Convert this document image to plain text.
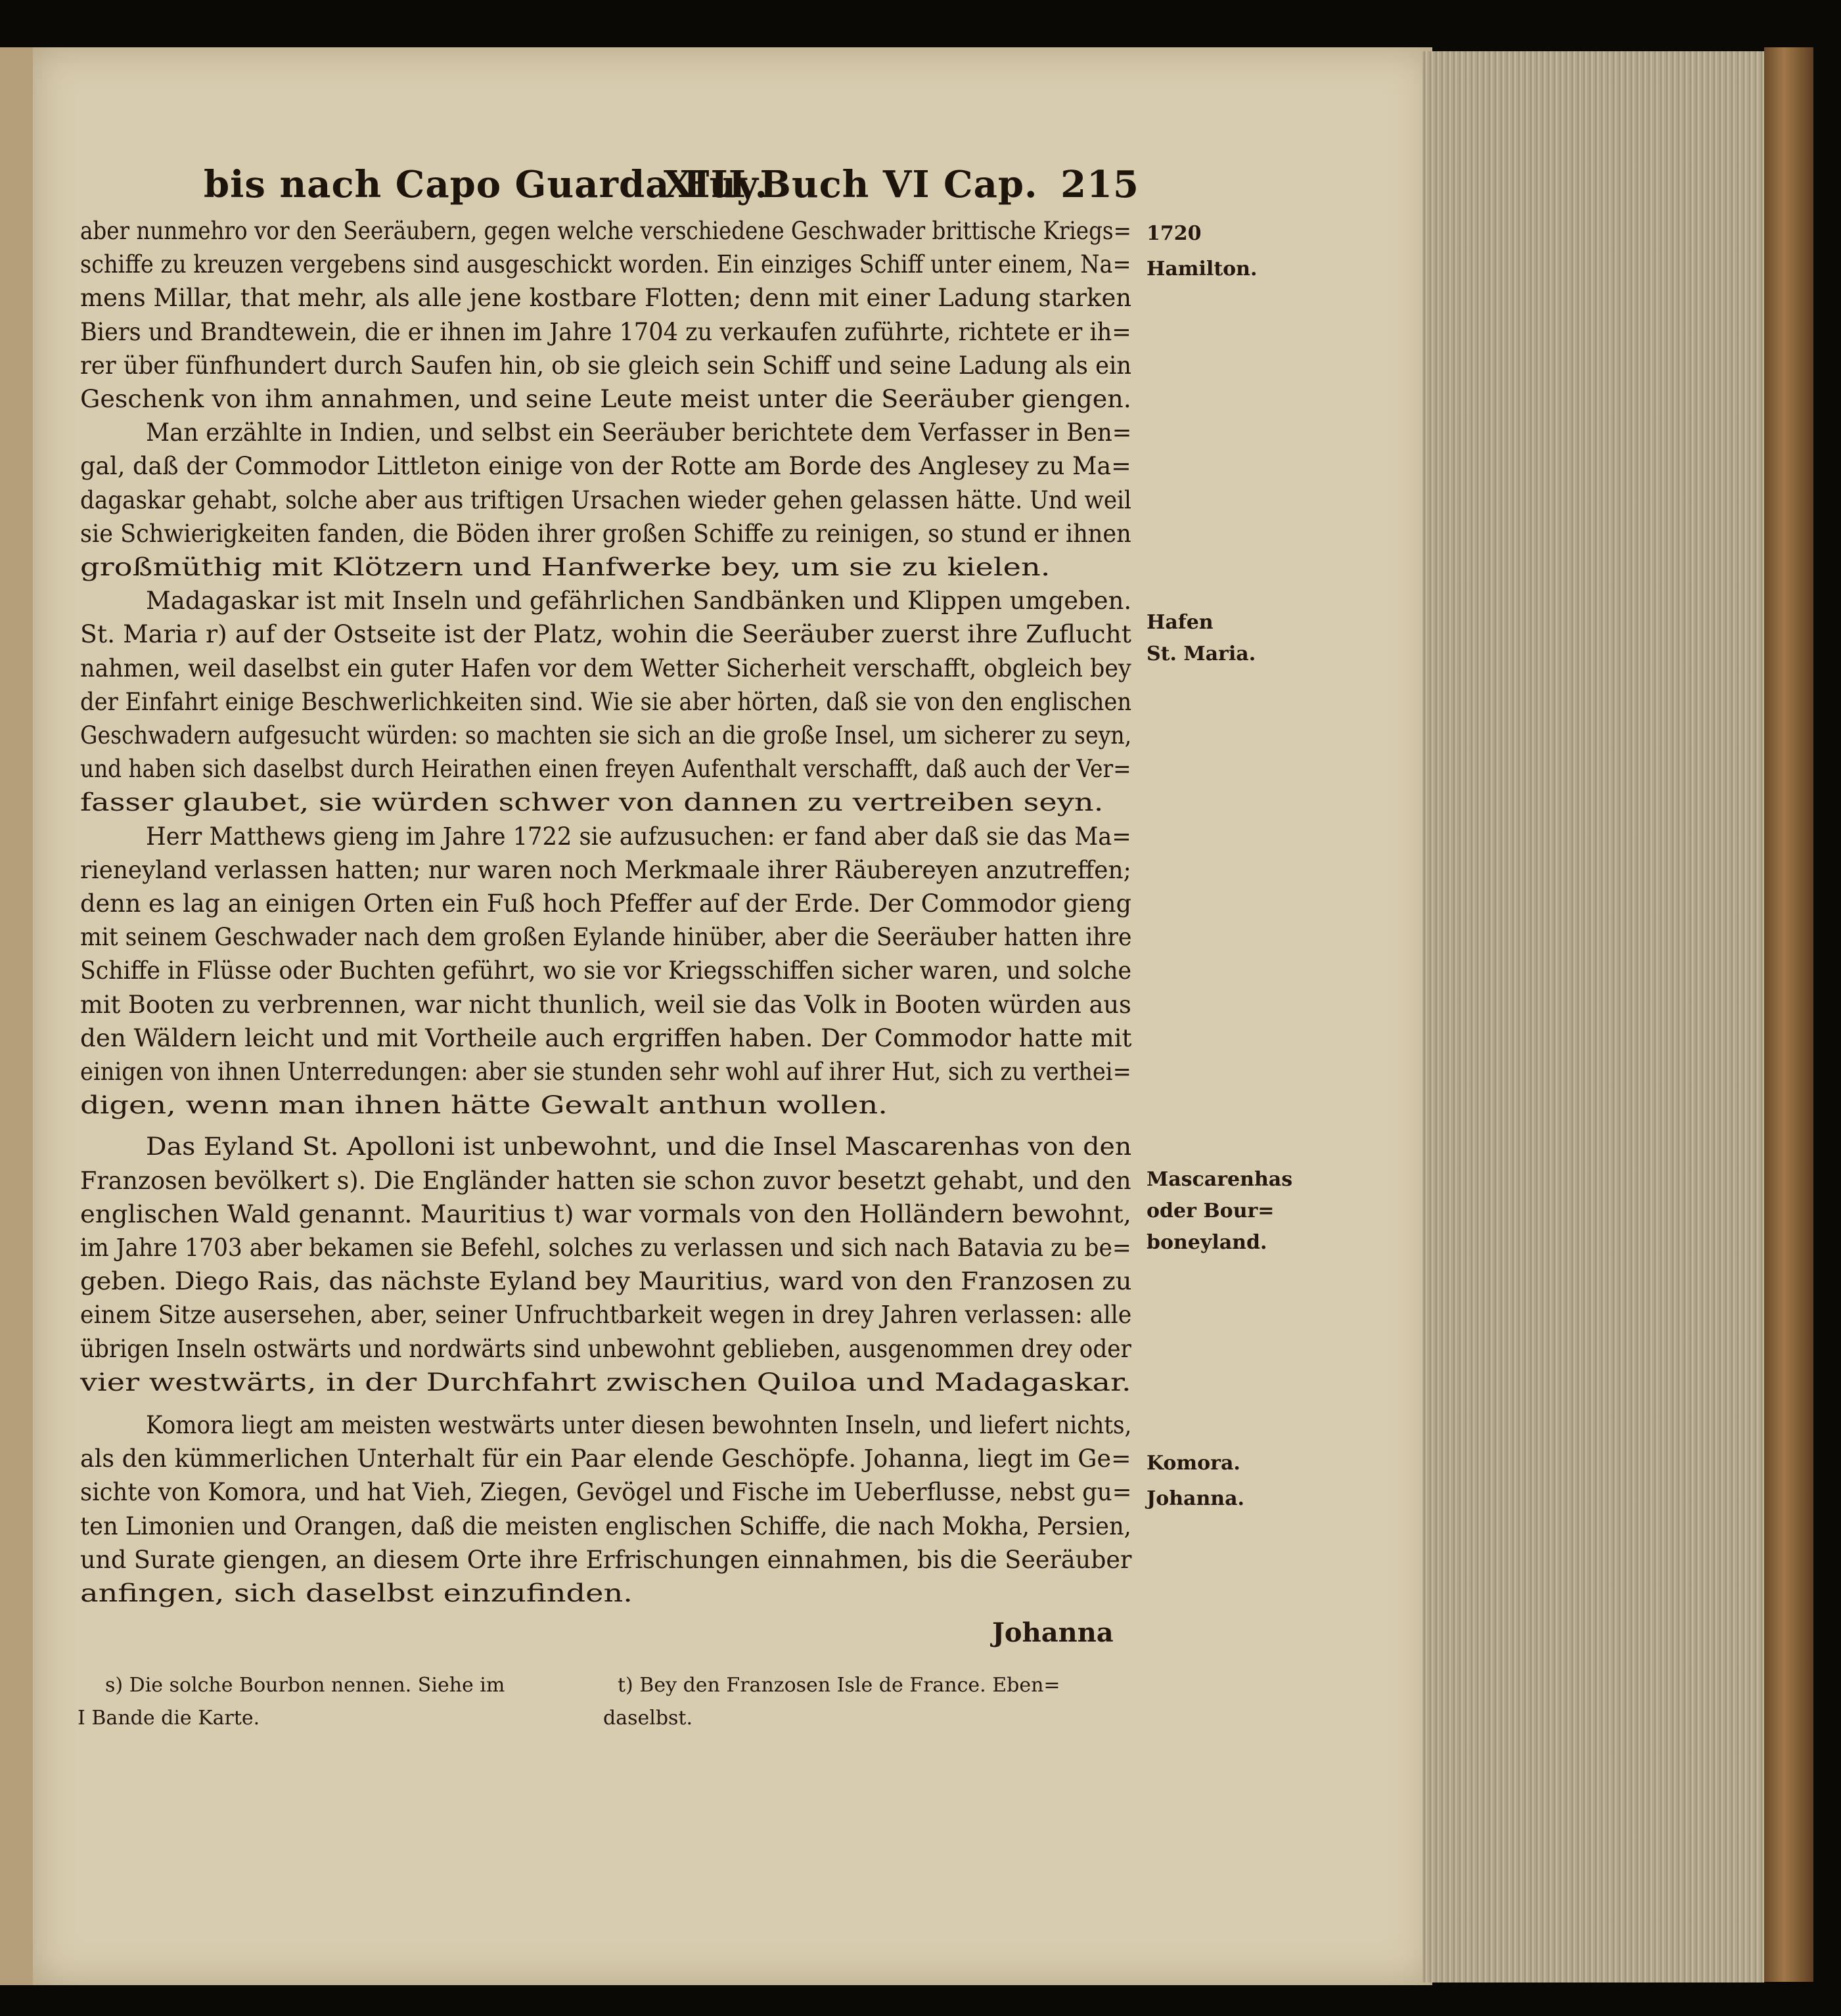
bis nach Capo Guarda Fuy.
XIII Buch VI Cap. 215
aber nunmehro vor den Seeräubern, gegen welche verschiedene Geschwader brittische Kriegs=
schiffe zu kreuzen vergebens sind ausgeschickt worden. Ein einziges Schiff unter einem, Na=
mens Millar, that mehr, als alle jene kostbare Flotten; denn mit einer Ladung starken
Biers und Brandtewein, die er ihnen im Jahre 1704 zu verkaufen zuführte, richtete er ih=
rer über fünfhundert durch Saufen hin, ob sie gleich sein Schiff und seine Ladung als ein
Geschenk von ihm annahmen, und seine Leute meist unter die Seeräuber giengen.
Man erzählte in Indien, und selbst ein Seeräuber berichtete dem Verfasser in Ben=
gal, daß der Commodor Littleton einige von der Rotte am Borde des Anglesey zu Ma=
dagaskar gehabt, solche aber aus triftigen Ursachen wieder gehen gelassen hätte. Und weil
sie Schwierigkeiten fanden, die Böden ihrer großen Schiffe zu reinigen, so stund er ihnen
großmüthig mit Klötzern und Hanfwerke bey, um sie zu kielen.
Madagaskar ist mit Inseln und gefährlichen Sandbänken und Klippen umgeben.
St. Maria r) auf der Ostseite ist der Platz, wohin die Seeräuber zuerst ihre Zuflucht
nahmen, weil daselbst ein guter Hafen vor dem Wetter Sicherheit verschafft, obgleich bey
der Einfahrt einige Beschwerlichkeiten sind. Wie sie aber hörten, daß sie von den englischen
Geschwadern aufgesucht würden: so machten sie sich an die große Insel, um sicherer zu seyn,
und haben sich daselbst durch Heirathen einen freyen Aufenthalt verschafft, daß auch der Ver=
fasser glaubet, sie würden schwer von dannen zu vertreiben seyn.
Herr Matthews gieng im Jahre 1722 sie aufzusuchen: er fand aber daß sie das Ma=
rieneyland verlassen hatten; nur waren noch Merkmaale ihrer Räubereyen anzutreffen;
denn es lag an einigen Orten ein Fuß hoch Pfeffer auf der Erde. Der Commodor gieng
mit seinem Geschwader nach dem großen Eylande hinüber, aber die Seeräuber hatten ihre
Schiffe in Flüsse oder Buchten geführt, wo sie vor Kriegsschiffen sicher waren, und solche
mit Booten zu verbrennen, war nicht thunlich, weil sie das Volk in Booten würden aus
den Wäldern leicht und mit Vortheile auch ergriffen haben. Der Commodor hatte mit
einigen von ihnen Unterredungen: aber sie stunden sehr wohl auf ihrer Hut, sich zu verthei=
digen, wenn man ihnen hätte Gewalt anthun wollen.
Das Eyland St. Apolloni ist unbewohnt, und die Insel Mascarenhas von den
Franzosen bevölkert s). Die Engländer hatten sie schon zuvor besetzt gehabt, und den
englischen Wald genannt. Mauritius t) war vormals von den Holländern bewohnt,
im Jahre 1703 aber bekamen sie Befehl, solches zu verlassen und sich nach Batavia zu be=
geben. Diego Rais, das nächste Eyland bey Mauritius, ward von den Franzosen zu
einem Sitze ausersehen, aber, seiner Unfruchtbarkeit wegen in drey Jahren verlassen: alle
übrigen Inseln ostwärts und nordwärts sind unbewohnt geblieben, ausgenommen drey oder
vier westwärts, in der Durchfahrt zwischen Quiloa und Madagaskar.
Komora liegt am meisten westwärts unter diesen bewohnten Inseln, und liefert nichts,
als den kümmerlichen Unterhalt für ein Paar elende Geschöpfe. Johanna, liegt im Ge=
sichte von Komora, und hat Vieh, Ziegen, Gevögel und Fische im Ueberflusse, nebst gu=
ten Limonien und Orangen, daß die meisten englischen Schiffe, die nach Mokha, Persien,
und Surate giengen, an diesem Orte ihre Erfrischungen einnahmen, bis die Seeräuber
anfingen, sich daselbst einzufinden.
1720
Hamilton.
Hafen
St. Maria.
Mascarenhas
oder Bour=
boneyland.
Komora.
Johanna.
Johanna
s) Die solche Bourbon nennen. Siehe im
I Bande die Karte.
t) Bey den Franzosen Isle de France. Eben=
daselbst.
